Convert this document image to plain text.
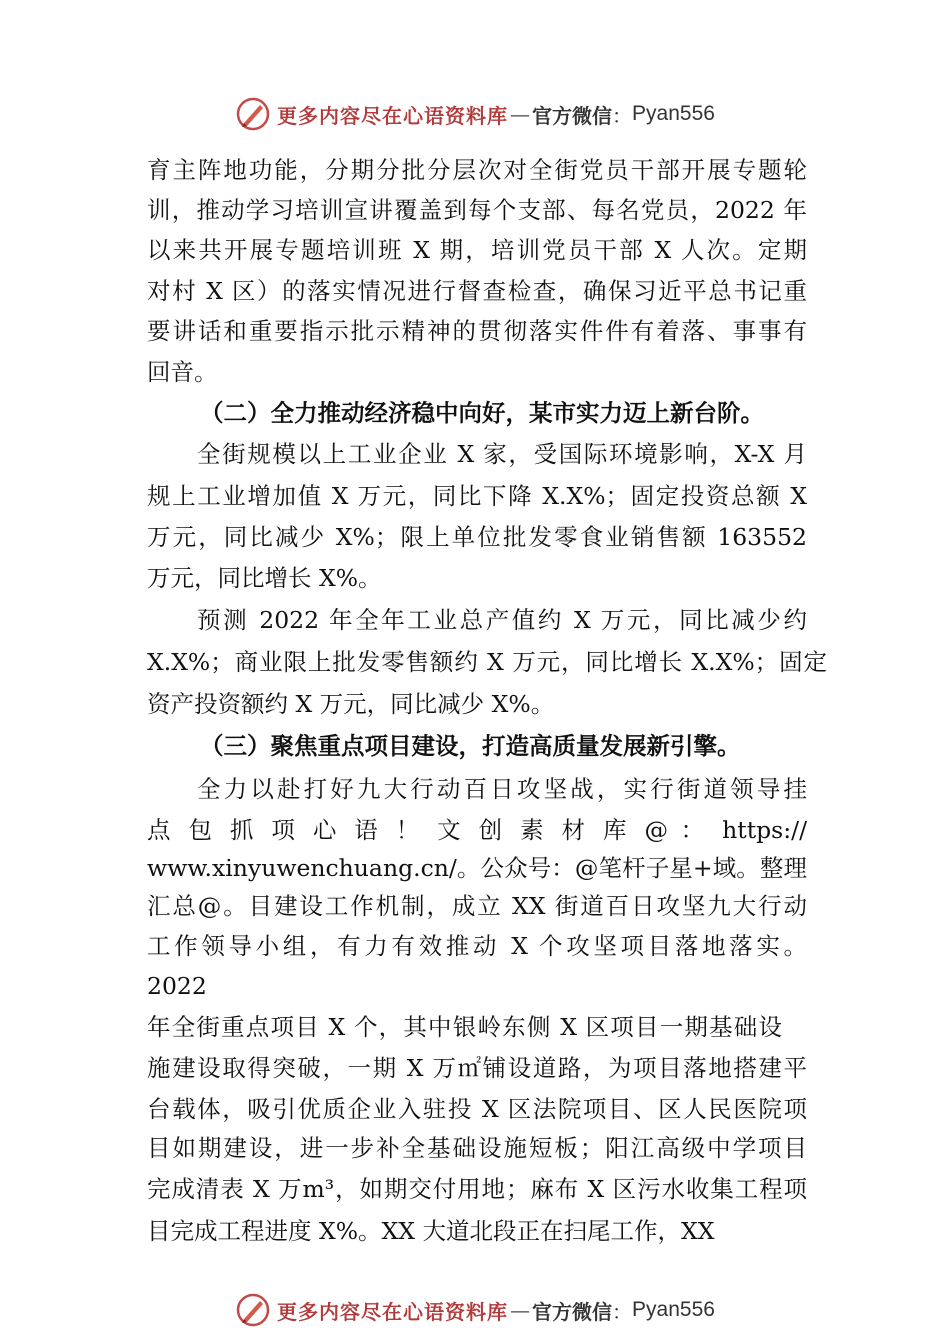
更多内容尽在心语资料库 — 官方微信 ： Pyan556
育主阵地功能，分期分批分层次对全街党员干部开展专题轮
训，推动学习培训宣讲覆盖到每个支部、每名党员，2022 年
以来共开展专题培训班 X 期，培训党员干部 X 人次。定期
对村 X 区）的落实情况进行督查检查，确保习近平总书记重
要讲话和重要指示批示精神的贯彻落实件件有着落、事事有
回音。
（二）全力推动经济稳中向好，某市实力迈上新台阶。
全街规模以上工业企业 X 家，受国际环境影响，X-X 月
规上工业增加值 X 万元，同比下降 X.X%；固定投资总额 X
万元，同比减少 X%；限上单位批发零食业销售额 163552
万元，同比增长 X%。
预测 2022 年全年工业总产值约 X 万元，同比减少约
X.X%；商业限上批发零售额约 X 万元，同比增长 X.X%；固定
资产投资额约 X 万元，同比减少 X%。
（三）聚焦重点项目建设，打造高质量发展新引擎。
全力以赴打好九大行动百日攻坚战，实行街道领导挂
点 包 抓 项 心 语 ！ 文 创 素 材 库 @ ： https://
www.xinyuwenchuang.cn/。公众号：@笔杆子星+域。整理
汇总@。目建设工作机制，成立 XX 街道百日攻坚九大行动
工作领导小组，有力有效推动 X 个攻坚项目落地落实。
2022
年全街重点项目 X 个，其中银岭东侧 X 区项目一期基础设
施建设取得突破，一期 X 万㎡铺设道路，为项目落地搭建平
台载体，吸引优质企业入驻投 X 区法院项目、区人民医院项
目如期建设，进一步补全基础设施短板；阳江高级中学项目
完成清表 X 万m³，如期交付用地；麻布 X 区污水收集工程项
目完成工程进度 X%。XX 大道北段正在扫尾工作，XX
更多内容尽在心语资料库 — 官方微信 ： Pyan556
